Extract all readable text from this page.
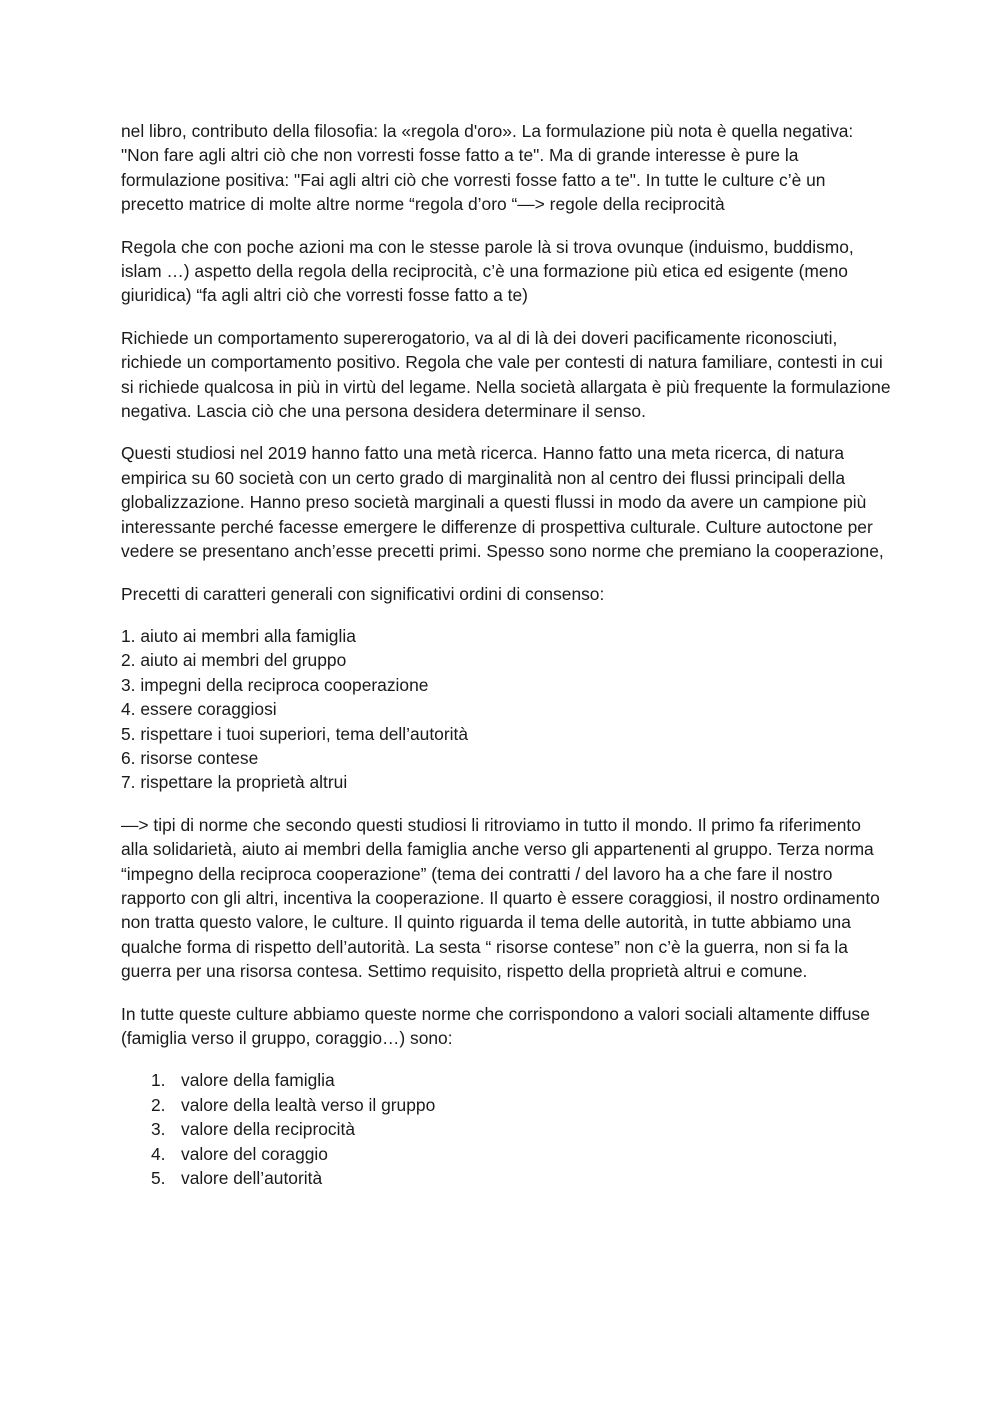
nel libro, contributo della filosofia: la «regola d'oro». La formulazione più nota è quella negativa: "Non fare agli altri ciò che non vorresti fosse fatto a te". Ma di grande interesse è pure la formulazione positiva: "Fai agli altri ciò che vorresti fosse fatto a te". In tutte le culture c’è un precetto matrice di molte altre norme “regola d’oro “—> regole della reciprocità

Regola che con poche azioni ma con le stesse parole là si trova ovunque (induismo, buddismo, islam …) aspetto della regola della reciprocità, c’è una formazione più etica ed esigente (meno giuridica) “fa agli altri ciò che vorresti fosse fatto a te)

Richiede un comportamento supererogatorio, va al di là dei doveri pacificamente riconosciuti, richiede un comportamento positivo. Regola che vale per contesti di natura familiare, contesti in cui si richiede qualcosa in più in virtù del legame. Nella società allargata è più frequente la formulazione negativa. Lascia ciò che una persona desidera determinare il senso.

Questi studiosi nel 2019 hanno fatto una metà ricerca. Hanno fatto una meta ricerca, di natura empirica su 60 società con un certo grado di marginalità non al centro dei flussi principali della globalizzazione. Hanno preso società marginali a questi flussi in modo da avere un campione più interessante perché facesse emergere le differenze di prospettiva culturale. Culture autoctone per vedere se presentano anch’esse precetti primi. Spesso sono norme che premiano la cooperazione,

Precetti di caratteri generali con significativi ordini di consenso:

1. aiuto ai membri alla famiglia
2. aiuto ai membri del gruppo
3. impegni della reciproca cooperazione
4. essere coraggiosi
5. rispettare i tuoi superiori, tema dell’autorità
6. risorse contese
7. rispettare la proprietà altrui

—> tipi di norme che secondo questi studiosi li ritroviamo in tutto il mondo. Il primo fa riferimento alla solidarietà, aiuto ai membri della famiglia anche verso gli appartenenti al gruppo. Terza norma “impegno della reciproca cooperazione” (tema dei contratti / del lavoro ha a che fare il nostro rapporto con gli altri, incentiva la cooperazione. Il quarto è essere coraggiosi, il nostro ordinamento non tratta questo valore, le culture. Il quinto riguarda il tema delle autorità, in tutte abbiamo una qualche forma di rispetto dell’autorità. La sesta “ risorse contese” non c’è la guerra, non si fa la guerra per una risorsa contesa. Settimo requisito, rispetto della proprietà altrui e comune.

In tutte queste culture abbiamo queste norme che corrispondono a valori sociali altamente diffuse (famiglia verso il gruppo, coraggio…) sono:

1. valore della famiglia
2. valore della lealtà verso il gruppo
3. valore della reciprocità
4. valore del coraggio
5. valore dell’autorità
